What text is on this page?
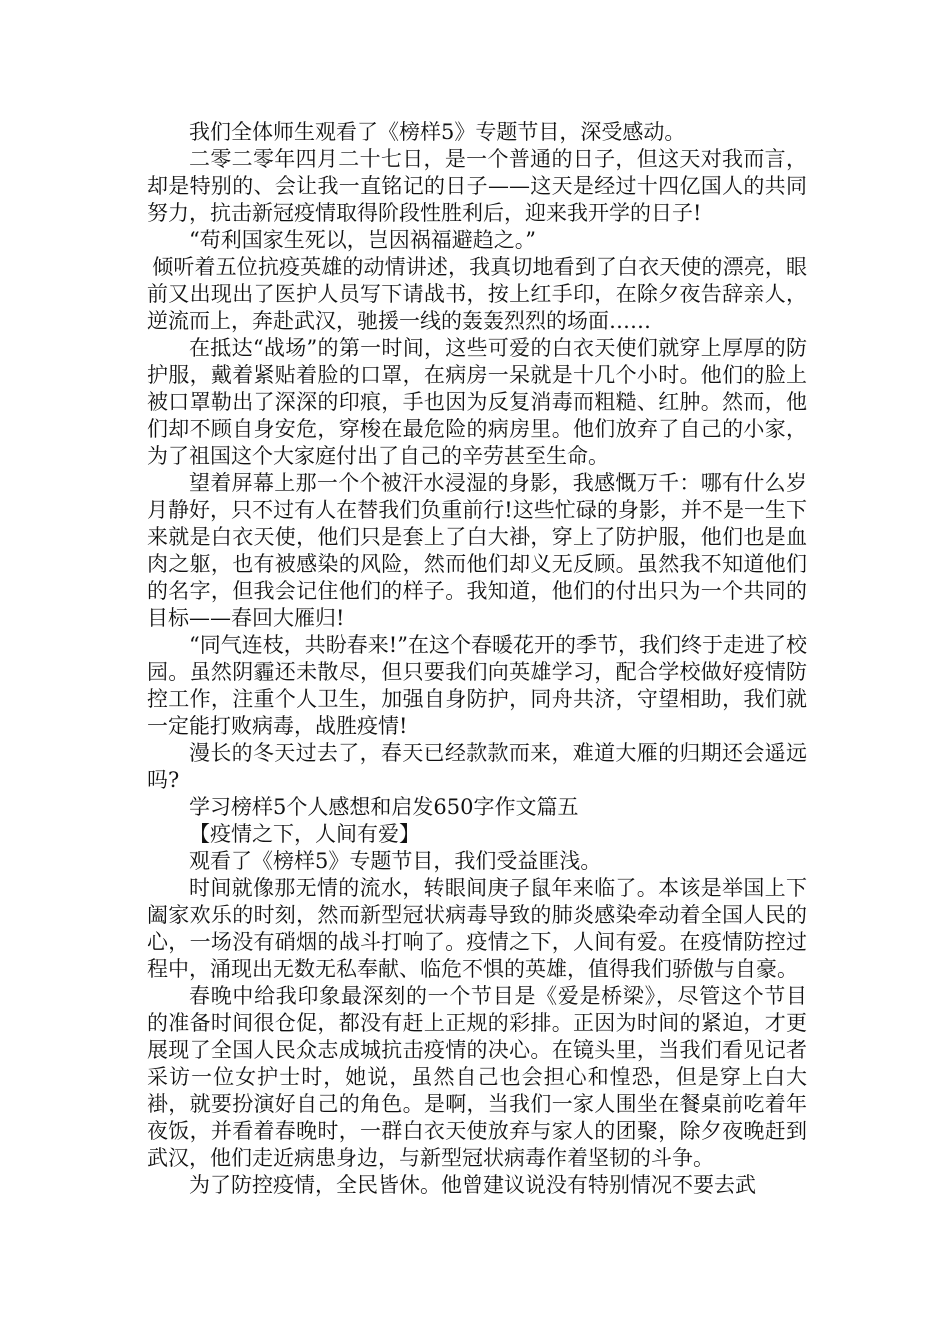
我们全体师生观看了《榜样5》专题节目，深受感动。

二零二零年四月二十七日，是一个普通的日子，但这天对我而言，却是特别的、会让我一直铭记的日子——这天是经过十四亿国人的共同努力，抗击新冠疫情取得阶段性胜利后，迎来我开学的日子!

“苟利国家生死以，岂因祸福避趋之。”

倾听着五位抗疫英雄的动情讲述，我真切地看到了白衣天使的漂亮，眼前又出现出了医护人员写下请战书，按上红手印，在除夕夜告辞亲人，逆流而上，奔赴武汉，驰援一线的轰轰烈烈的场面……

在抵达“战场”的第一时间，这些可爱的白衣天使们就穿上厚厚的防护服，戴着紧贴着脸的口罩，在病房一呆就是十几个小时。他们的脸上被口罩勒出了深深的印痕，手也因为反复消毒而粗糙、红肿。然而，他们却不顾自身安危，穿梭在最危险的病房里。他们放弃了自己的小家，为了祖国这个大家庭付出了自己的辛劳甚至生命。

望着屏幕上那一个个被汗水浸湿的身影，我感慨万千：哪有什么岁月静好，只不过有人在替我们负重前行!这些忙碌的身影，并不是一生下来就是白衣天使，他们只是套上了白大褂，穿上了防护服，他们也是血肉之躯，也有被感染的风险，然而他们却义无反顾。虽然我不知道他们的名字，但我会记住他们的样子。我知道，他们的付出只为一个共同的目标——春回大雁归!

“同气连枝，共盼春来!”在这个春暖花开的季节，我们终于走进了校园。虽然阴霾还未散尽，但只要我们向英雄学习，配合学校做好疫情防控工作，注重个人卫生，加强自身防护，同舟共济，守望相助，我们就一定能打败病毒，战胜疫情!

漫长的冬天过去了，春天已经款款而来，难道大雁的归期还会遥远吗?

学习榜样5个人感想和启发650字作文篇五

【疫情之下，人间有爱】

观看了《榜样5》专题节目，我们受益匪浅。

时间就像那无情的流水，转眼间庚子鼠年来临了。本该是举国上下阖家欢乐的时刻，然而新型冠状病毒导致的肺炎感染牵动着全国人民的心，一场没有硝烟的战斗打响了。疫情之下，人间有爱。在疫情防控过程中，涌现出无数无私奉献、临危不惧的英雄，值得我们骄傲与自豪。

春晚中给我印象最深刻的一个节目是《爱是桥梁》，尽管这个节目的准备时间很仓促，都没有赶上正规的彩排。正因为时间的紧迫，才更展现了全国人民众志成城抗击疫情的决心。在镜头里，当我们看见记者采访一位女护士时，她说，虽然自己也会担心和惶恐，但是穿上白大褂，就要扮演好自己的角色。是啊，当我们一家人围坐在餐桌前吃着年夜饭，并看着春晚时，一群白衣天使放弃与家人的团聚，除夕夜晚赶到武汉，他们走近病患身边，与新型冠状病毒作着坚韧的斗争。

为了防控疫情，全民皆休。他曾建议说没有特别情况不要去武
